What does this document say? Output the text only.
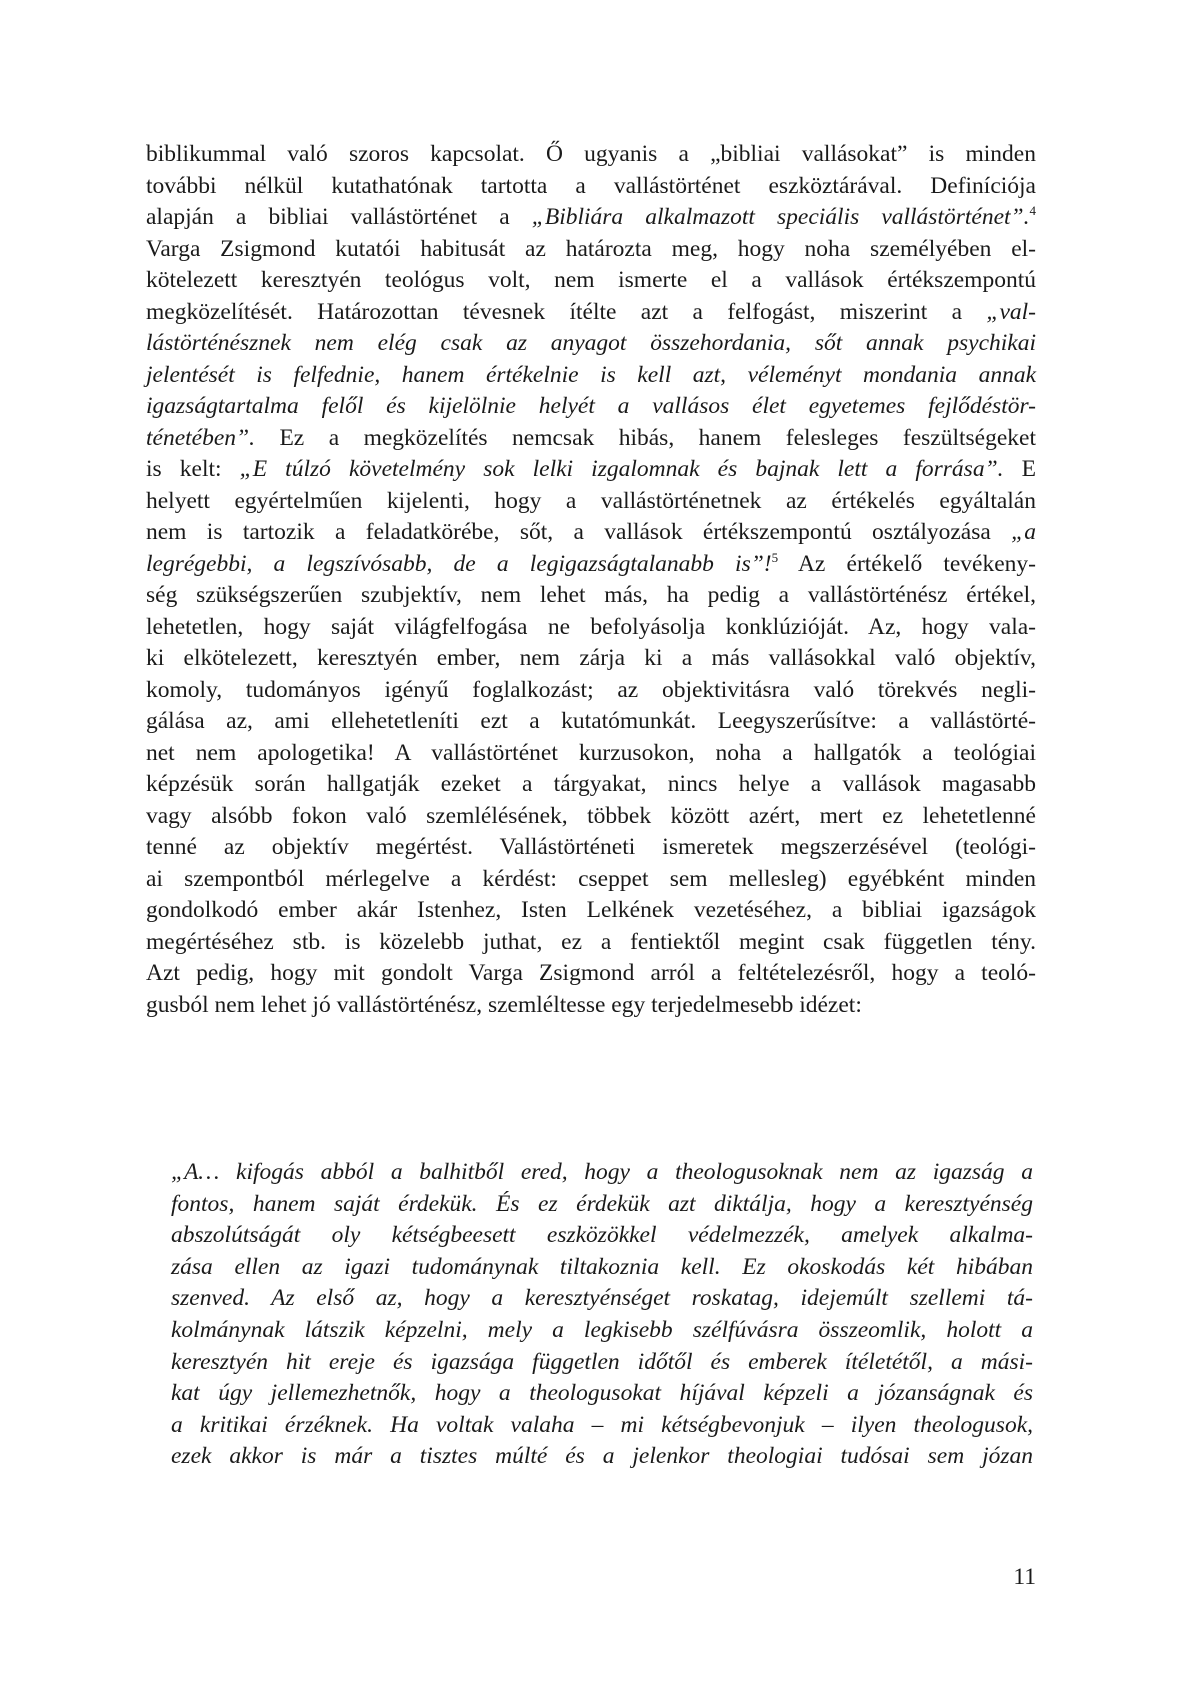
biblikummal való szoros kapcsolat. Ő ugyanis a „bibliai vallásokat” is minden
további nélkül kutathatónak tartotta a vallástörténet eszköztárával. Definíciója
alapján a bibliai vallástörténet a „Bibliára alkalmazott speciális vallástörténet”.$^4$
Varga Zsigmond kutatói habitusát az határozta meg, hogy noha személyében el-
kötelezett keresztyén teológus volt, nem ismerte el a vallások értékszempontú
megközelítését. Határozottan tévesnek ítélte azt a felfogást, miszerint a „val-
lástörténésznek nem elég csak az anyagot összehordania, sőt annak psychikai
jelentését is felfednie, hanem értékelnie is kell azt, véleményt mondania annak
igazságtartalma felől és kijelölnie helyét a vallásos élet egyetemes fejlődéstör-
ténetében”. Ez a megközelítés nemcsak hibás, hanem felesleges feszültségeket
is kelt: „E túlzó követelmény sok lelki izgalomnak és bajnak lett a forrása”. E
helyett egyértelműen kijelenti, hogy a vallástörténetnek az értékelés egyáltalán
nem is tartozik a feladatkörébe, sőt, a vallások értékszempontú osztályozása „a
legrégebbi, a legszívósabb, de a legigazságtalanabb is”!$^5$ Az értékelő tevékeny-
ség szükségszerűen szubjektív, nem lehet más, ha pedig a vallástörténész értékel,
lehetetlen, hogy saját világfelfogása ne befolyásolja konklúzióját. Az, hogy vala-
ki elkötelezett, keresztyén ember, nem zárja ki a más vallásokkal való objektív,
komoly, tudományos igényű foglalkozást; az objektivitásra való törekvés negli-
gálása az, ami ellehetetleníti ezt a kutatómunkát. Leegyszerűsítve: a vallástörté-
net nem apologetika! A vallástörténet kurzusokon, noha a hallgatók a teológiai
képzésük során hallgatják ezeket a tárgyakat, nincs helye a vallások magasabb
vagy alsóbb fokon való szemlélésének, többek között azért, mert ez lehetetlenné
tenné az objektív megértést. Vallástörténeti ismeretek megszerzésével (teológi-
ai szempontból mérlegelve a kérdést: cseppet sem mellesleg) egyébként minden
gondolkodó ember akár Istenhez, Isten Lelkének vezetéséhez, a bibliai igazságok
megértéséhez stb. is közelebb juthat, ez a fentiektől megint csak független tény.
Azt pedig, hogy mit gondolt Varga Zsigmond arról a feltételezésről, hogy a teoló-
gusból nem lehet jó vallástörténész, szemléltesse egy terjedelmesebb idézet:
„A… kifogás abból a balhitből ered, hogy a theologusoknak nem az igazság a
fontos, hanem saját érdekük. És ez érdekük azt diktálja, hogy a keresztyénség
abszolútságát oly kétségbeesett eszközökkel védelmezzék, amelyek alkalma-
zása ellen az igazi tudománynak tiltakoznia kell. Ez okoskodás két hibában
szenved. Az első az, hogy a keresztyénséget roskatag, idejemúlt szellemi tá-
kolmánynak látszik képzelni, mely a legkisebb szélfúvásra összeomlik, holott a
keresztyén hit ereje és igazsága független időtől és emberek ítéletétől, a mási-
kat úgy jellemezhetnők, hogy a theologusokat híjával képzeli a józanságnak és
a kritikai érzéknek. Ha voltak valaha – mi kétségbevonjuk – ilyen theologusok,
ezek akkor is már a tisztes múlté és a jelenkor theologiai tudósai sem józan
11
